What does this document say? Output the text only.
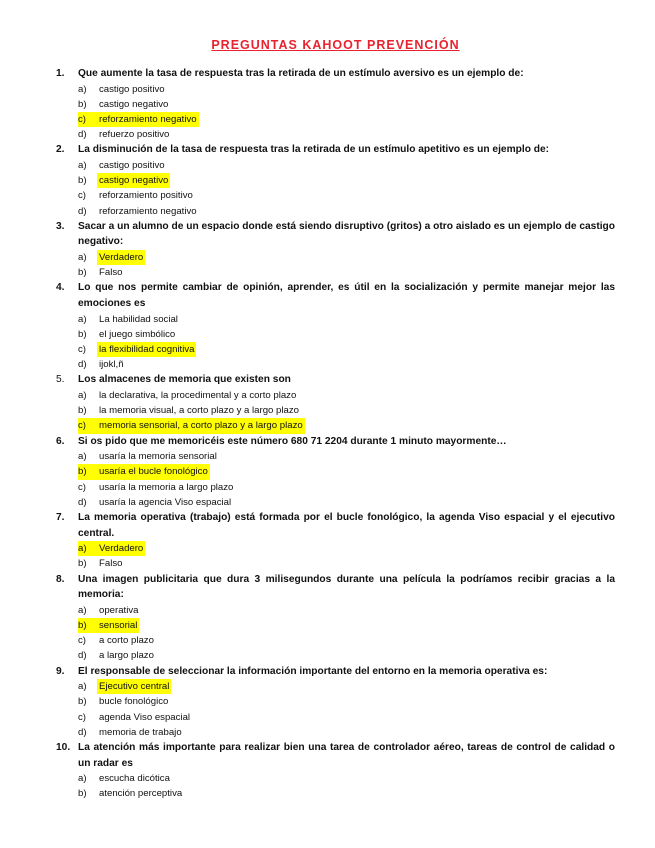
PREGUNTAS KAHOOT PREVENCIÓN
1.	Que aumente la tasa de respuesta tras la retirada de un estímulo aversivo es un ejemplo de:
a)	castigo positivo
b)	castigo negativo
c)	reforzamiento negativo
d)	refuerzo positivo
2.	La disminución de la tasa de respuesta tras la retirada de un estímulo apetitivo es un ejemplo de:
a)	castigo positivo
b)	castigo negativo
c)	reforzamiento positivo
d)	reforzamiento negativo
3.	Sacar a un alumno de un espacio donde está siendo disruptivo (gritos) a otro aislado es un ejemplo de castigo negativo:
a)	Verdadero
b)	Falso
4.	Lo que nos permite cambiar de opinión, aprender, es útil en la socialización y permite manejar mejor las emociones es
a)	La habilidad social
b)	el juego simbólico
c)	la flexibilidad cognitiva
d)	ijokl,ñ
5.	Los almacenes de memoria que existen son
a)	la declarativa, la procedimental y a corto plazo
b)	la memoria visual, a corto plazo y a largo plazo
c)	memoria sensorial, a corto plazo y a largo plazo
6.	Si os pido que me memoricéis este número 680 71 2204 durante 1 minuto mayormente…
a)	usaría la memoria sensorial
b)	usaría el bucle fonológico
c)	usaría la memoria a largo plazo
d)	usaría la agencia Viso espacial
7.	La memoria operativa (trabajo) está formada por el bucle fonológico, la agenda Viso espacial y el ejecutivo central.
a)	Verdadero
b)	Falso
8.	Una imagen publicitaria que dura 3 milisegundos durante una película la podríamos recibir gracias a la memoria:
a)	operativa
b)	sensorial
c)	a corto plazo
d)	a largo plazo
9.	El responsable de seleccionar la información importante del entorno en la memoria operativa es:
a)	Ejecutivo central
b)	bucle fonológico
c)	agenda Viso espacial
d)	memoria de trabajo
10. La atención más importante para realizar bien una tarea de controlador aéreo, tareas de control de calidad o un radar es
a)	escucha dicótica
b)	atención perceptiva
